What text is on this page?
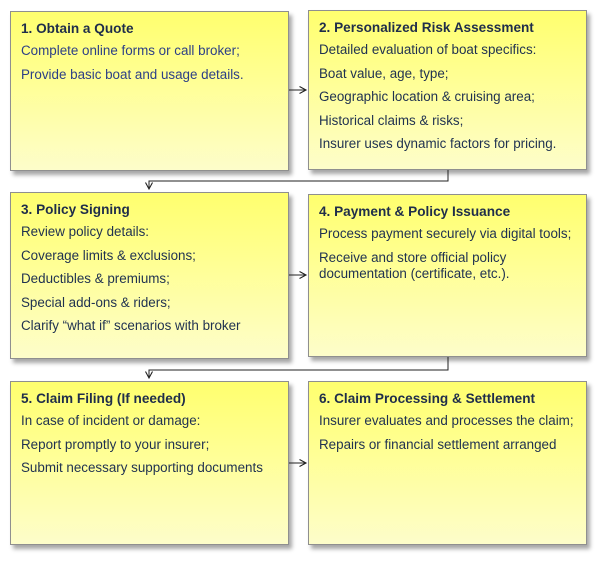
1. Obtain a Quote
Complete online forms or call broker;
Provide basic boat and usage details.
2. Personalized Risk Assessment
Detailed evaluation of boat specifics:
Boat value, age, type;
Geographic location & cruising area;
Historical claims & risks;
Insurer uses dynamic factors for pricing.
3. Policy Signing
Review policy details:
Coverage limits & exclusions;
Deductibles & premiums;
Special add-ons & riders;
Clarify “what if” scenarios with broker
4. Payment & Policy Issuance
Process payment securely via digital tools;
Receive and store official policy documentation (certificate, etc.).
5. Claim Filing (If needed)
In case of incident or damage:
Report promptly to your insurer;
Submit necessary supporting documents
6. Claim Processing & Settlement
Insurer evaluates and processes the claim;
Repairs or financial settlement arranged
